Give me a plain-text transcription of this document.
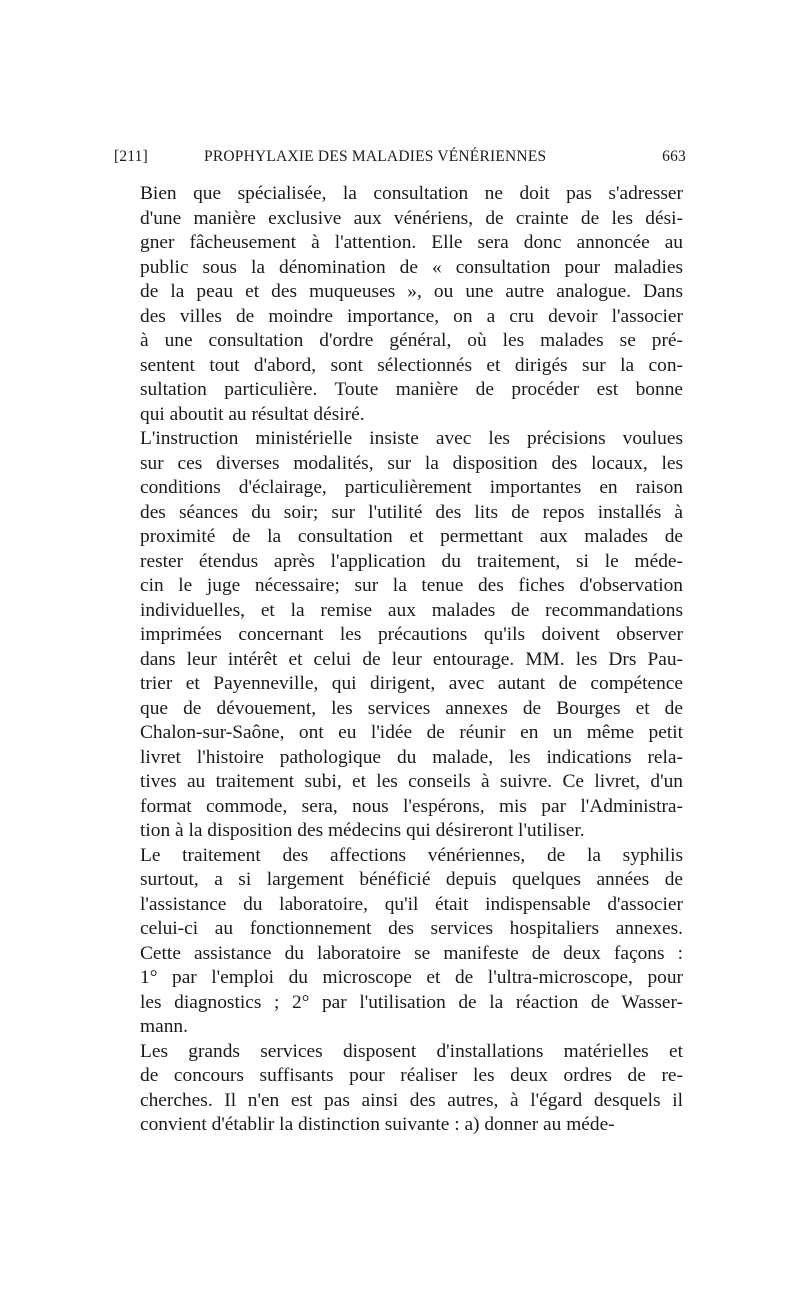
[211]	PROPHYLAXIE DES MALADIES VÉNÉRIENNES	663
Bien que spécialisée, la consultation ne doit pas s'adresser
d'une manière exclusive aux vénériens, de crainte de les dési-
gner fâcheusement à l'attention. Elle sera donc annoncée au
public sous la dénomination de « consultation pour maladies
de la peau et des muqueuses », ou une autre analogue. Dans
des villes de moindre importance, on a cru devoir l'associer
à une consultation d'ordre général, où les malades se pré-
sentent tout d'abord, sont sélectionnés et dirigés sur la con-
sultation particulière. Toute manière de procéder est bonne
qui aboutit au résultat désiré.
L'instruction ministérielle insiste avec les précisions voulues
sur ces diverses modalités, sur la disposition des locaux, les
conditions d'éclairage, particulièrement importantes en raison
des séances du soir; sur l'utilité des lits de repos installés à
proximité de la consultation et permettant aux malades de
rester étendus après l'application du traitement, si le méde-
cin le juge nécessaire; sur la tenue des fiches d'observation
individuelles, et la remise aux malades de recommandations
imprimées concernant les précautions qu'ils doivent observer
dans leur intérêt et celui de leur entourage. MM. les Drs Pau-
trier et Payenneville, qui dirigent, avec autant de compétence
que de dévouement, les services annexes de Bourges et de
Chalon-sur-Saône, ont eu l'idée de réunir en un même petit
livret l'histoire pathologique du malade, les indications rela-
tives au traitement subi, et les conseils à suivre. Ce livret, d'un
format commode, sera, nous l'espérons, mis par l'Administra-
tion à la disposition des médecins qui désireront l'utiliser.
Le traitement des affections vénériennes, de la syphilis
surtout, a si largement bénéficié depuis quelques années de
l'assistance du laboratoire, qu'il était indispensable d'associer
celui-ci au fonctionnement des services hospitaliers annexes.
Cette assistance du laboratoire se manifeste de deux façons :
1° par l'emploi du microscope et de l'ultra-microscope, pour
les diagnostics ; 2° par l'utilisation de la réaction de Wasser-
mann.
Les grands services disposent d'installations matérielles et
de concours suffisants pour réaliser les deux ordres de re-
cherches. Il n'en est pas ainsi des autres, à l'égard desquels il
convient d'établir la distinction suivante : a) donner au méde-
